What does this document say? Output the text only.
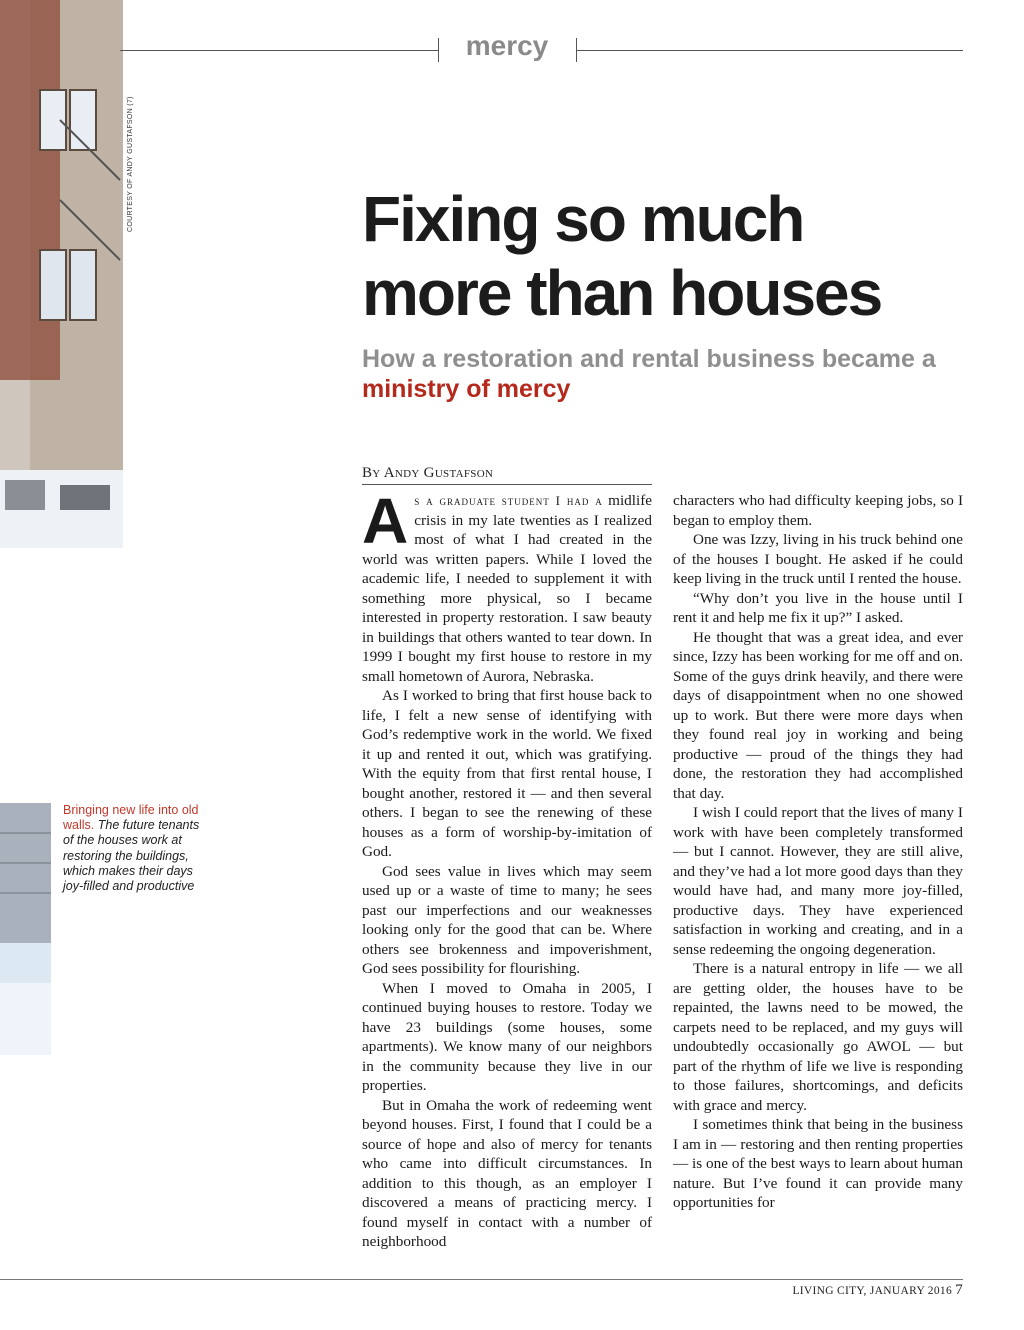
COURTESY OF ANDY GUSTAFSON (7)
mercy
Fixing so much
more than houses
How a restoration and rental business became a ministry of mercy
By Andy Gustafson
Bringing new life into old walls. The future tenants of the houses work at restoring the buildings, which makes their days joy-filled and productive

As a graduate student I had a midlife crisis in my late twenties as I realized most of what I had created in the world was written papers. While I loved the academic life, I needed to supplement it with something more physical, so I became interested in property restoration. I saw beauty in buildings that others wanted to tear down. In 1999 I bought my first house to restore in my small hometown of Aurora, Nebraska.

As I worked to bring that first house back to life, I felt a new sense of identifying with God’s redemptive work in the world. We fixed it up and rented it out, which was gratifying. With the equity from that first rental house, I bought another, restored it — and then several others. I began to see the renewing of these houses as a form of worship-by-imitation of God.

God sees value in lives which may seem used up or a waste of time to many; he sees past our imperfections and our weaknesses looking only for the good that can be. Where others see brokenness and impoverishment, God sees possibility for flourishing.

When I moved to Omaha in 2005, I continued buying houses to restore. Today we have 23 buildings (some houses, some apartments). We know many of our neighbors in the community because they live in our properties.

But in Omaha the work of redeeming went beyond houses. First, I found that I could be a source of hope and also of mercy for tenants who came into difficult circumstances. In addition to this though, as an employer I discovered a means of practicing mercy. I found myself in contact with a number of neighborhood

characters who had difficulty keeping jobs, so I began to employ them.

One was Izzy, living in his truck behind one of the houses I bought. He asked if he could keep living in the truck until I rented the house.

“Why don’t you live in the house until I rent it and help me fix it up?” I asked.

He thought that was a great idea, and ever since, Izzy has been working for me off and on. Some of the guys drink heavily, and there were days of disappointment when no one showed up to work. But there were more days when they found real joy in working and being productive — proud of the things they had done, the restoration they had accomplished that day.

I wish I could report that the lives of many I work with have been completely transformed — but I cannot. However, they are still alive, and they’ve had a lot more good days than they would have had, and many more joy-filled, productive days. They have experienced satisfaction in working and creating, and in a sense redeeming the ongoing degeneration.

There is a natural entropy in life — we all are getting older, the houses have to be repainted, the lawns need to be mowed, the carpets need to be replaced, and my guys will undoubtedly occasionally go AWOL — but part of the rhythm of life we live is responding to those failures, shortcomings, and deficits with grace and mercy.

I sometimes think that being in the business I am in — restoring and then renting properties — is one of the best ways to learn about human nature. But I’ve found it can provide many opportunities for

LIVING CITY, JANUARY 2016 7
